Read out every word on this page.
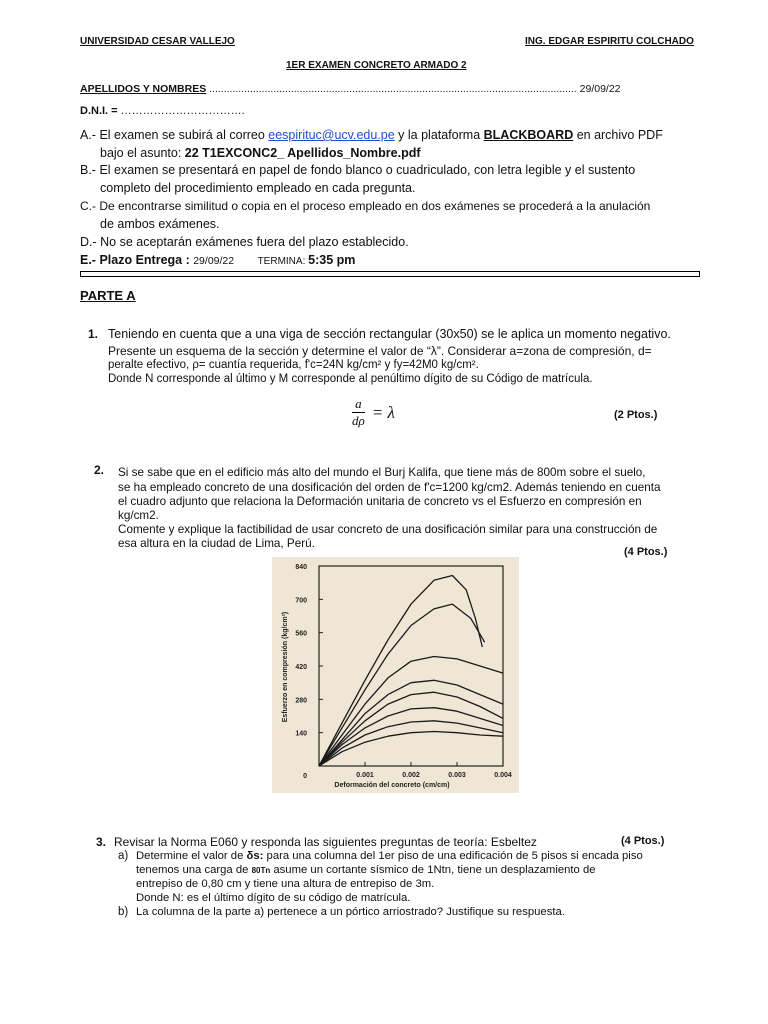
UNIVERSIDAD CESAR VALLEJO	ING. EDGAR ESPIRITU COLCHADO
1ER EXAMEN CONCRETO ARMADO 2
APELLIDOS Y NOMBRES .............................................................................................................................. 29/09/22
D.N.I. = …………………………….
A.- El examen se subirá al correo eespirituc@ucv.edu.pe y la plataforma BLACKBOARD en archivo PDF
bajo el asunto: 22 T1EXCONC2_ Apellidos_Nombre.pdf
B.- El examen se presentará en papel de fondo blanco o cuadriculado, con letra legible y el sustento
completo del procedimiento empleado en cada pregunta.
C.- De encontrarse similitud o copia en el proceso empleado en dos exámenes se procederá a la anulación
de ambos exámenes.
D.- No se aceptarán exámenes fuera del plazo establecido.
E.- Plazo Entrega : 29/09/22 TERMINA: 5:35 pm
PARTE A
1. Teniendo en cuenta que a una viga de sección rectangular (30x50) se le aplica un momento negativo.
Presente un esquema de la sección y determine el valor de “λ”. Considerar a=zona de compresión, d=
peralte efectivo, ρ= cuantía requerida, f'c=24N kg/cm² y fy=42M0 kg/cm².
Donde N corresponde al último y M corresponde al penúltimo dígito de su Código de matrícula.
$\frac{a}{d\rho} = \lambda$	(2 Ptos.)
2. Si se sabe que en el edificio más alto del mundo el Burj Kalifa, que tiene más de 800m sobre el suelo,
se ha empleado concreto de una dosificación del orden de f'c=1200 kg/cm2. Además teniendo en cuenta
el cuadro adjunto que relaciona la Deformación unitaria de concreto vs el Esfuerzo en compresión en
kg/cm2.
Comente y explique la factibilidad de usar concreto de una dosificación similar para una construcción de
esa altura en la ciudad de Lima, Perú.
(4 Ptos.)
840
700
560
420
280
140
0	0.001	0.002	0.003	0.004
Deformación del concreto (cm/cm)
Esfuerzo en compresión (kg/cm²)
3. Revisar la Norma E060 y responda las siguientes preguntas de teoría: Esbeltez	(4 Ptos.)
a) Determine el valor de δs: para una columna del 1er piso de una edificación de 5 pisos si encada piso
tenemos una carga de 80Tn asume un cortante sísmico de 1Ntn, tiene un desplazamiento de
entrepiso de 0,80 cm y tiene una altura de entrepiso de 3m.
Donde N: es el último dígito de su código de matrícula.
b) La columna de la parte a) pertenece a un pórtico arriostrado? Justifique su respuesta.
